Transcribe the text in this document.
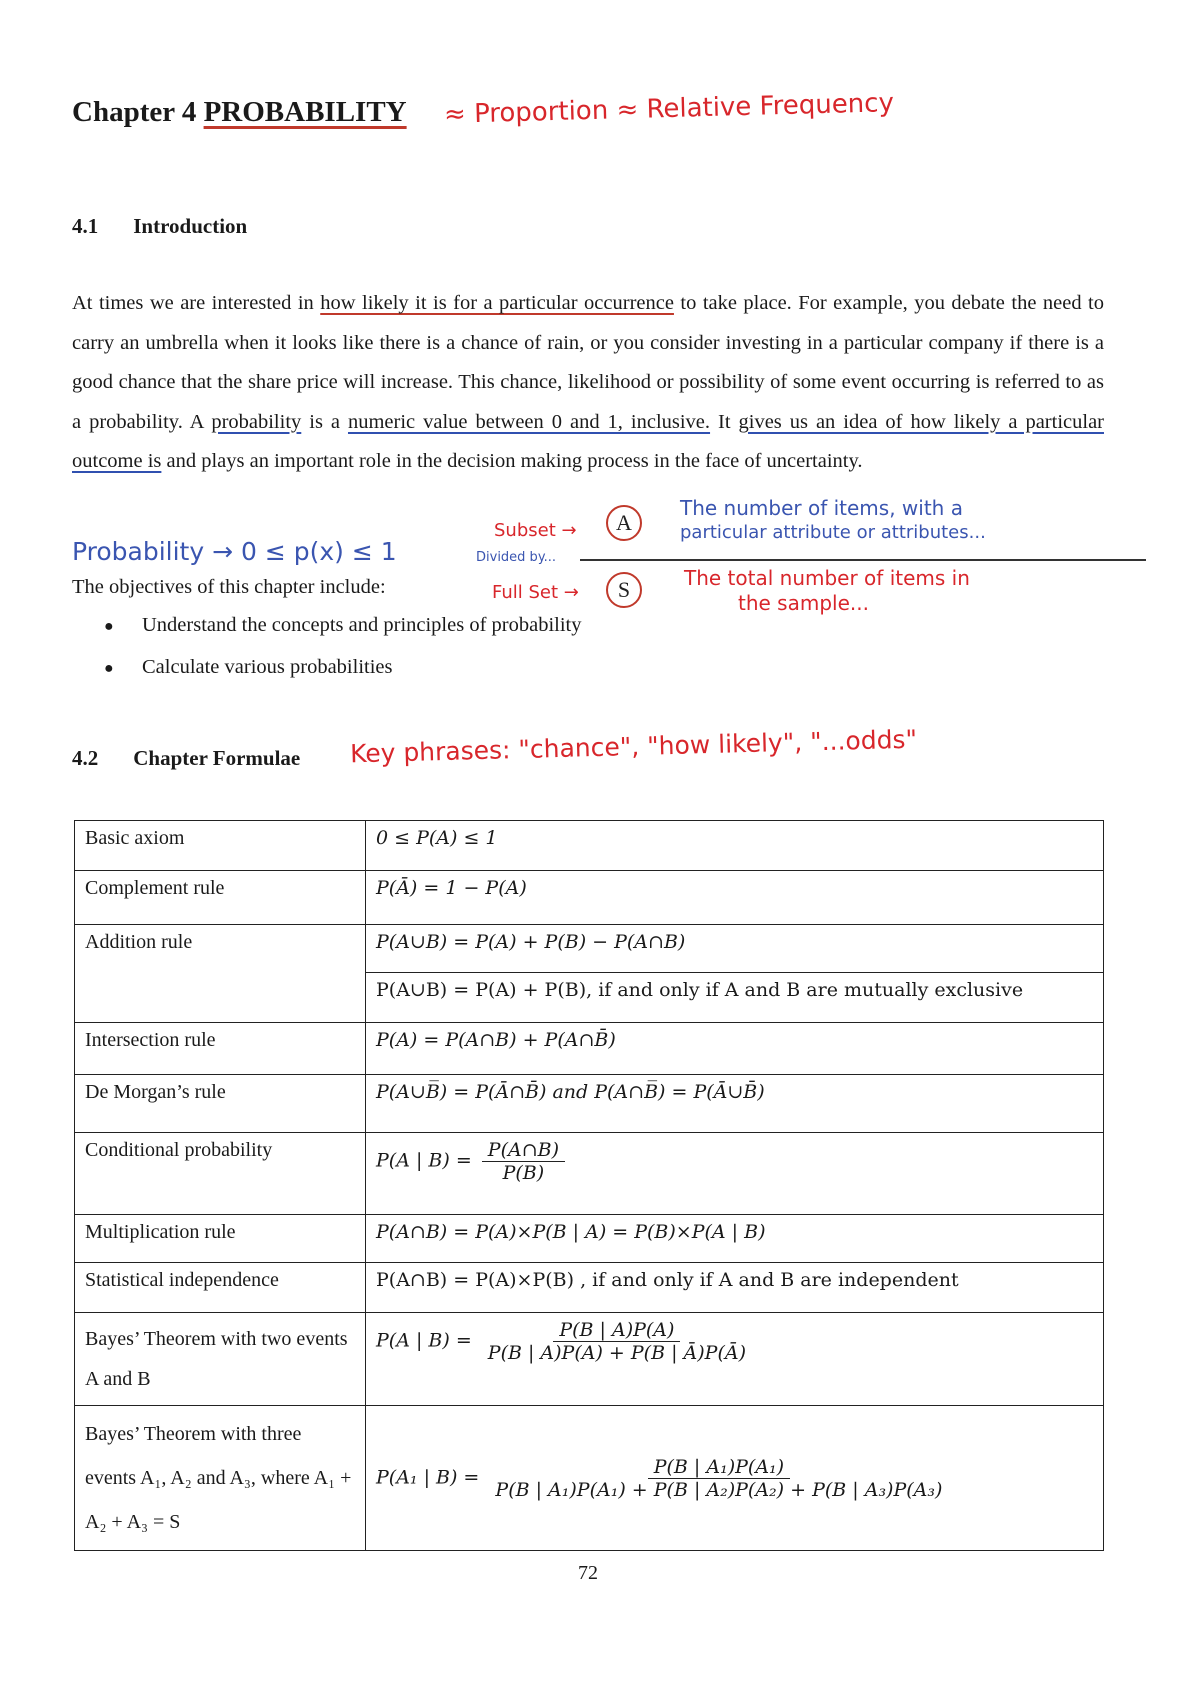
Chapter 4 PROBABILITY ≈ Proportion ≈ Relative Frequency
4.1 Introduction

At times we are interested in how likely it is for a particular occurrence to take place. For example, you debate the need to carry an umbrella when it looks like there is a chance of rain, or you consider investing in a particular company if there is a good chance that the share price will increase. This chance, likelihood or possibility of some event occurring is referred to as a probability. A probability is a numeric value between 0 and 1, inclusive. It gives us an idea of how likely a particular outcome is and plays an important role in the decision making process in the face of uncertainty.

Probability → 0 ≤ p(x) ≤ 1
Subset →	A
Divided by...
Full Set →	S
The number of items, with a
particular attribute or attributes...
The total number of items in
the sample...
The objectives of this chapter include:
●	Understand the concepts and principles of probability
●	Calculate various probabilities
4.2 Chapter Formulae Key phrases: "chance", "how likely", "...odds"
Basic axiom	0 ≤ P(A) ≤ 1
Complement rule	P(Ā) = 1 − P(A)
Addition rule	P(A∪B) = P(A) + P(B) − P(A∩B)
	P(A∪B) = P(A) + P(B), if and only if A and B are mutually exclusive
Intersection rule	P(A) = P(A∩B) + P(A∩B̄)
De Morgan’s rule	P(A∪B̅) = P(Ā∩B̄) and P(A∩B̅) = P(Ā∪B̄)
Conditional probability	P(A | $B) = \frac{P(A\cap B)}{P(B)}$

Multiplication rule	P(A∩B) = P(A)×P(B | A) = P(B)×P(A | B)
Statistical independence	P(A∩B) = P(A)×P(B) , if and only if A and B are independent
Bayes’ Theorem with two events A and B	P(A | $B) = \frac{P(B | A)P(A)}{P(B | A)P(A) + P(B | Ā)P(Ā)}$

Bayes’ Theorem with three events A₁, A₂ and A₃, where A₁ + A₂ + A₃ = S	P(A₁ | $B) = \frac{\text{P(B | A₁)P(A₁)}}{\text{P(B | A₁)P(A₁) + P(B | A₂)P(A₂) + P(B | A₃)P(A₃)}}$
72
